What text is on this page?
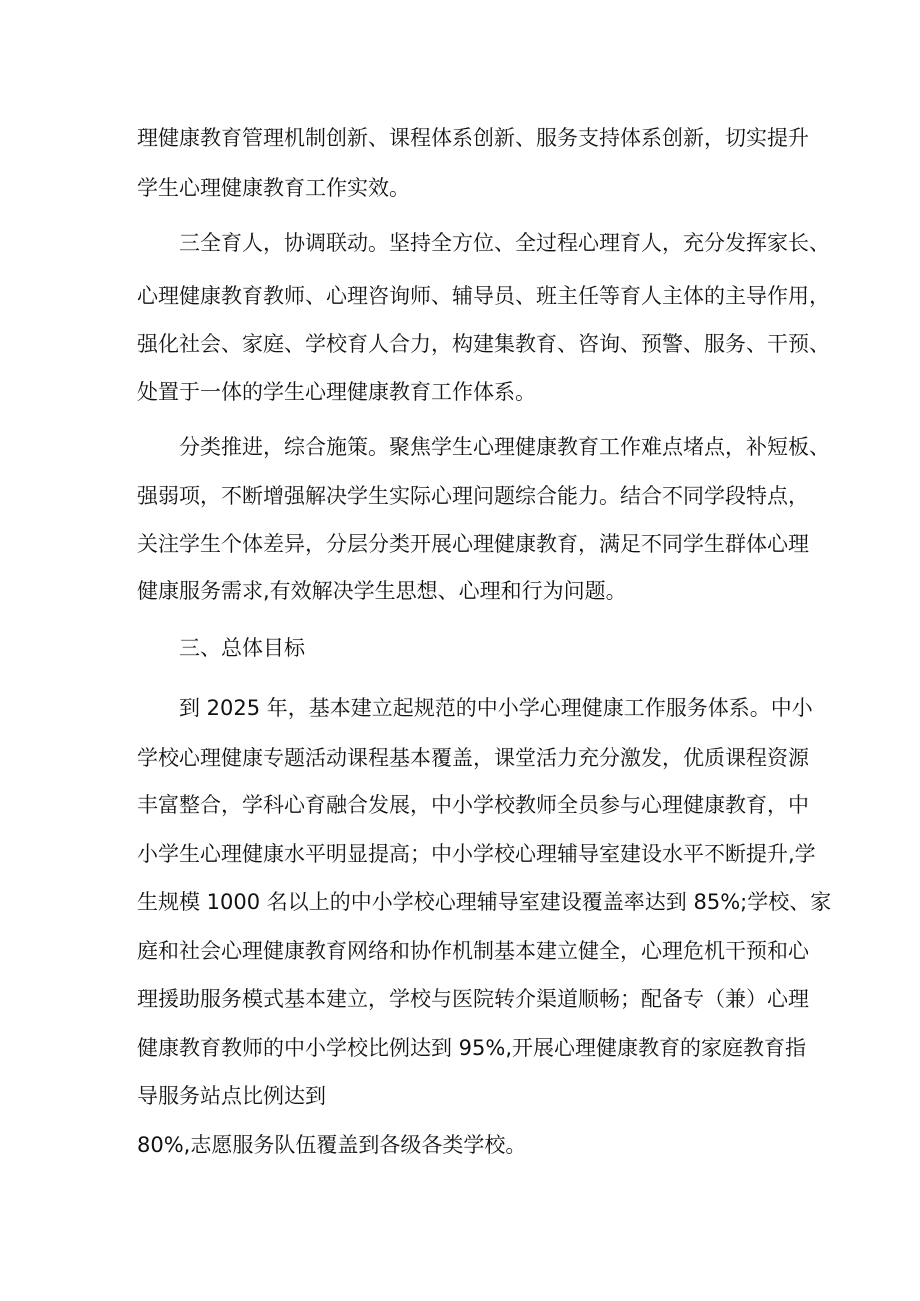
理健康教育管理机制创新、课程体系创新、服务支持体系创新，切实提升
学生心理健康教育工作实效。
三全育人，协调联动。坚持全方位、全过程心理育人，充分发挥家长、
心理健康教育教师、心理咨询师、辅导员、班主任等育人主体的主导作用，
强化社会、家庭、学校育人合力，构建集教育、咨询、预警、服务、干预、
处置于一体的学生心理健康教育工作体系。
分类推进，综合施策。聚焦学生心理健康教育工作难点堵点，补短板、
强弱项，不断增强解决学生实际心理问题综合能力。结合不同学段特点，
关注学生个体差异，分层分类开展心理健康教育，满足不同学生群体心理
健康服务需求,有效解决学生思想、心理和行为问题。
三、总体目标
到 2025 年，基本建立起规范的中小学心理健康工作服务体系。中小
学校心理健康专题活动课程基本覆盖，课堂活力充分激发，优质课程资源
丰富整合，学科心育融合发展，中小学校教师全员参与心理健康教育，中
小学生心理健康水平明显提高；中小学校心理辅导室建设水平不断提升,学
生规模 1000 名以上的中小学校心理辅导室建设覆盖率达到 85%;学校、家
庭和社会心理健康教育网络和协作机制基本建立健全，心理危机干预和心
理援助服务模式基本建立，学校与医院转介渠道顺畅；配备专（兼）心理
健康教育教师的中小学校比例达到 95%,开展心理健康教育的家庭教育指
导服务站点比例达到
80%,志愿服务队伍覆盖到各级各类学校。
